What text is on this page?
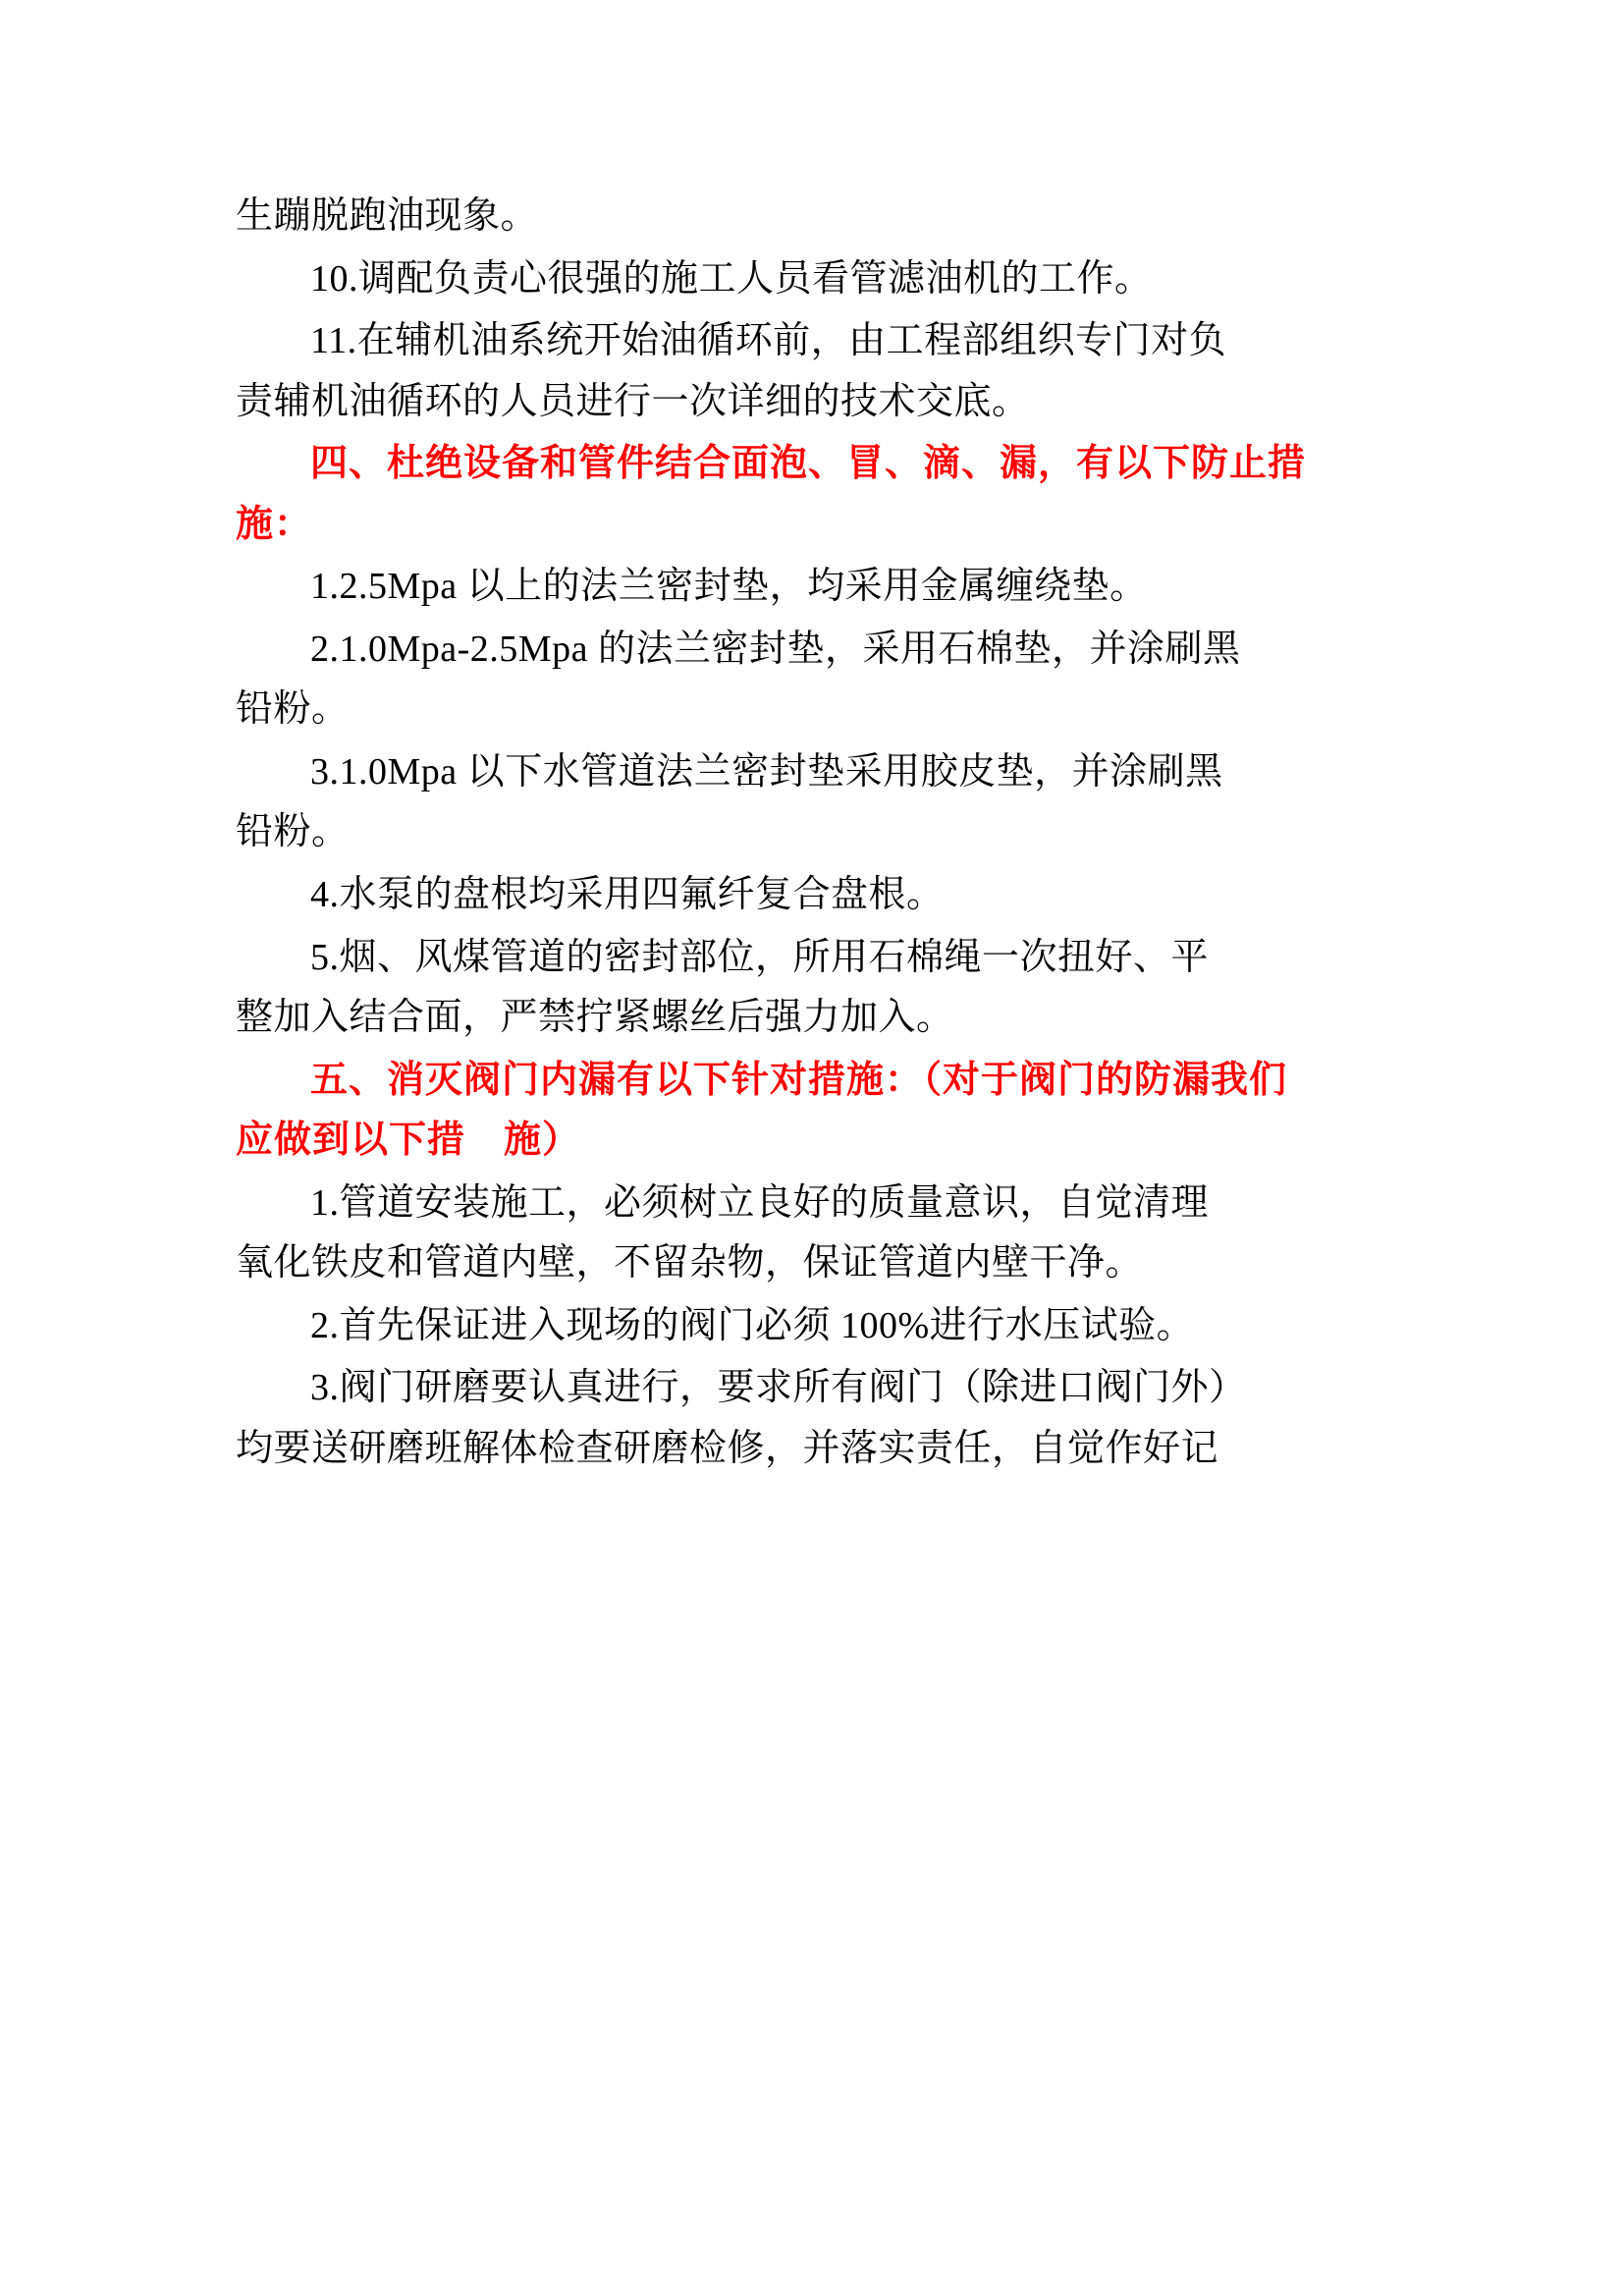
生蹦脱跑油现象。

10.调配负责心很强的施工人员看管滤油机的工作。

11.在辅机油系统开始油循环前，由工程部组织专门对负

责辅机油循环的人员进行一次详细的技术交底。

四、杜绝设备和管件结合面泡、冒、滴、漏，有以下防止措

施：

1.2.5Mpa 以上的法兰密封垫，均采用金属缠绕垫。

2.1.0Mpa-2.5Mpa 的法兰密封垫，采用石棉垫，并涂刷黑

铅粉。

3.1.0Mpa 以下水管道法兰密封垫采用胶皮垫，并涂刷黑

铅粉。

4.水泵的盘根均采用四氟纤复合盘根。

5.烟、风煤管道的密封部位，所用石棉绳一次扭好、平

整加入结合面，严禁拧紧螺丝后强力加入。

五、消灭阀门内漏有以下针对措施：（对于阀门的防漏我们

应做到以下措　施）

1.管道安装施工，必须树立良好的质量意识，自觉清理

氧化铁皮和管道内壁，不留杂物，保证管道内壁干净。

2.首先保证进入现场的阀门必须 100%进行水压试验。

3.阀门研磨要认真进行，要求所有阀门（除进口阀门外）

均要送研磨班解体检查研磨检修，并落实责任，自觉作好记
